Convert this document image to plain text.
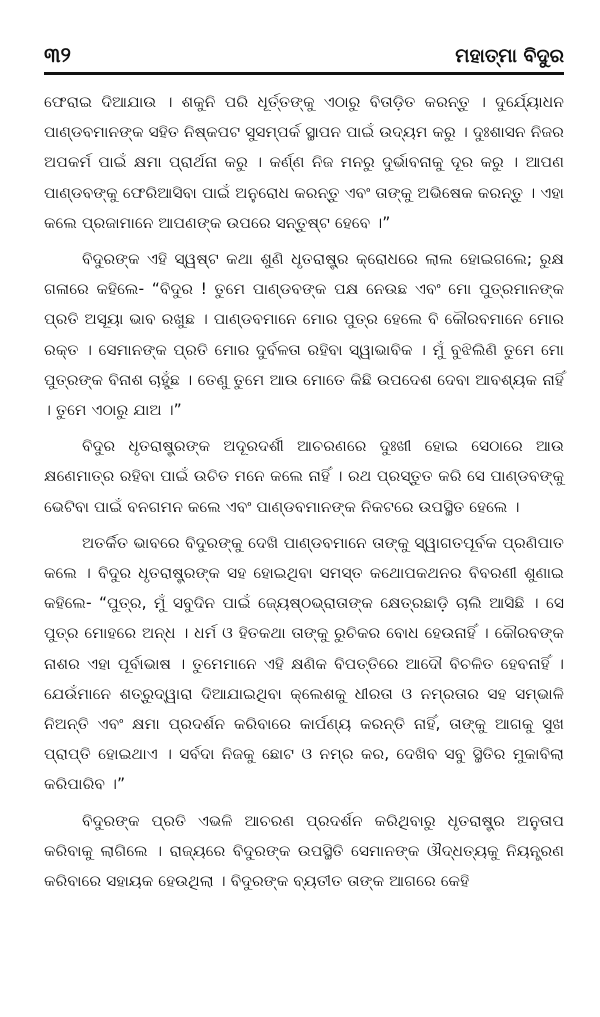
୩୨	ମହାତ୍ମା ବିଦୁର

ଫେରାଇ ଦିଆଯାଉ । ଶକୁନି ପରି ଧୂର୍ତ୍ତଙ୍କୁ ଏଠାରୁ ବିତାଡ଼ିତ କରନ୍ତୁ । ଦୁର୍ଯ୍ୟୋଧନ ପାଣ୍ଡବମାନଙ୍କ ସହିତ ନିଷ୍କପଟ ସୁସମ୍ପର୍କ ସ୍ଥାପନ ପାଇଁ ଉଦ୍ୟମ କରୁ । ଦୁଃଶାସନ ନିଜର ଅପକର୍ମ ପାଇଁ କ୍ଷମା ପ୍ରାର୍ଥନା କରୁ । କର୍ଣ୍ଣ ନିଜ ମନରୁ ଦୁର୍ଭାବନାକୁ ଦୂର କରୁ । ଆପଣ ପାଣ୍ଡବଙ୍କୁ ଫେରିଆସିବା ପାଇଁ ଅନୁରୋଧ କରନ୍ତୁ ଏବଂ ତାଙ୍କୁ ଅଭିଷେକ କରନ୍ତୁ । ଏହା କଲେ ପ୍ରଜାମାନେ ଆପଣଙ୍କ ଉପରେ ସନ୍ତୁଷ୍ଟ ହେବେ ।”

ବିଦୁରଙ୍କ ଏହି ସ୍ୱଷ୍ଟ କଥା ଶୁଣି ଧୃତରାଷ୍ଟ୍ର କ୍ରୋଧରେ ଲାଲ ହୋଇଗଲେ; ରୁକ୍ଷ ଗଳାରେ କହିଲେ- “ବିଦୁର ! ତୁମେ ପାଣ୍ଡବଙ୍କ ପକ୍ଷ ନେଉଛ ଏବଂ ମୋ ପୁତ୍ରମାନଙ୍କ ପ୍ରତି ଅସୂୟା ଭାବ ରଖୁଛ । ପାଣ୍ଡବମାନେ ମୋର ପୁତ୍ର ହେଲେ ବି କୌରବମାନେ ମୋର ରକ୍ତ । ସେମାନଙ୍କ ପ୍ରତି ମୋର ଦୁର୍ବଳତା ରହିବା ସ୍ୱାଭାବିକ । ମୁଁ ବୁଝିଲିଣି ତୁମେ ମୋ ପୁତ୍ରଙ୍କ ବିନାଶ ଚାହୁଁଛ । ତେଣୁ ତୁମେ ଆଉ ମୋତେ କିଛି ଉପଦେଶ ଦେବା ଆବଶ୍ୟକ ନାହିଁ । ତୁମେ ଏଠାରୁ ଯାଅ ।”

ବିଦୁର ଧୃତରାଷ୍ଟ୍ରଙ୍କ ଅଦୂରଦର୍ଶୀ ଆଚରଣରେ ଦୁଃଖୀ ହୋଇ ସେଠାରେ ଆଉ କ୍ଷଣେମାତ୍ର ରହିବା ପାଇଁ ଉଚିତ ମନେ କଲେ ନାହିଁ । ରଥ ପ୍ରସ୍ତୁତ କରି ସେ ପାଣ୍ଡବଙ୍କୁ ଭେଟିବା ପାଇଁ ବନଗମନ କଲେ ଏବଂ ପାଣ୍ଡବମାନଙ୍କ ନିକଟରେ ଉପସ୍ଥିତ ହେଲେ ।

ଅତର୍କିତ ଭାବରେ ବିଦୁରଙ୍କୁ ଦେଖି ପାଣ୍ଡବମାନେ ତାଙ୍କୁ ସ୍ୱାଗତପୂର୍ବକ ପ୍ରଣିପାତ କଲେ । ବିଦୁର ଧୃତରାଷ୍ଟ୍ରଙ୍କ ସହ ହୋଇଥିବା ସମସ୍ତ କଥୋପକଥନର ବିବରଣୀ ଶୁଣାଇ କହିଲେ- “ପୁତ୍ର, ମୁଁ ସବୁଦିନ ପାଇଁ ଜ୍ୟେଷ୍ଠଭ୍ରାତାଙ୍କ କ୍ଷେତ୍ରଛାଡ଼ି ଚାଲି ଆସିଛି । ସେ ପୁତ୍ର ମୋହରେ ଅନ୍ଧ । ଧର୍ମ ଓ ହିତକଥା ତାଙ୍କୁ ରୁଚିକର ବୋଧ ହେଉନାହିଁ । କୌରବଙ୍କ ନାଶର ଏହା ପୂର୍ବାଭାଷ । ତୁମେମାନେ ଏହି କ୍ଷଣିକ ବିପତ୍ତିରେ ଆଦୌ ବିଚଳିତ ହେବନାହିଁ । ଯେଉଁମାନେ ଶତ୍ରୁଦ୍ୱାରା ଦିଆଯାଇଥିବା କ୍ଲେଶକୁ ଧୀରତା ଓ ନମ୍ରତାର ସହ ସମ୍ଭାଳି ନିଅନ୍ତି ଏବଂ କ୍ଷମା ପ୍ରଦର୍ଶନ କରିବାରେ କାର୍ପଣ୍ୟ କରନ୍ତି ନାହିଁ, ତାଙ୍କୁ ଆଗକୁ ସୁଖ ପ୍ରାପ୍ତି ହୋଇଥାଏ । ସର୍ବଦା ନିଜକୁ ଛୋଟ ଓ ନମ୍ର କର, ଦେଖିବ ସବୁ ସ୍ଥିତିର ମୁକାବିଲା କରିପାରିବ ।”

ବିଦୁରଙ୍କ ପ୍ରତି ଏଭଳି ଆଚରଣ ପ୍ରଦର୍ଶନ କରିଥିବାରୁ ଧୃତରାଷ୍ଟ୍ର ଅନୁତାପ କରିବାକୁ ଲାଗିଲେ । ରାଜ୍ୟରେ ବିଦୁରଙ୍କ ଉପସ୍ଥିତି ସେମାନଙ୍କ ଔଦ୍ଧତ୍ୟକୁ ନିୟନ୍ତ୍ରଣ କରିବାରେ ସହାୟକ ହେଉଥିଲା । ବିଦୁରଙ୍କ ବ୍ୟତୀତ ତାଙ୍କ ଆଗରେ କେହି
